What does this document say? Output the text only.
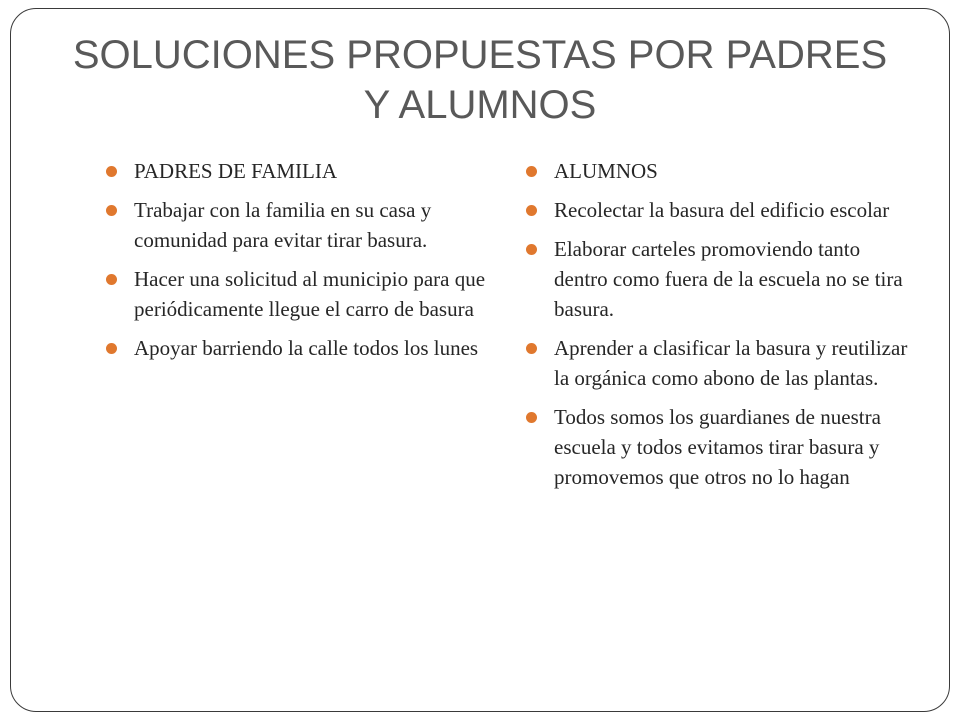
SOLUCIONES PROPUESTAS POR PADRES Y ALUMNOS
PADRES DE FAMILIA
Trabajar con la familia en su casa y comunidad para evitar tirar basura.
Hacer una solicitud al municipio para que periódicamente llegue el carro de basura
Apoyar barriendo la calle todos los lunes
ALUMNOS
Recolectar la basura del edificio escolar
Elaborar carteles promoviendo tanto dentro como fuera de la escuela no se tira basura.
Aprender a clasificar la basura y reutilizar la orgánica como abono de las plantas.
Todos somos los guardianes de nuestra escuela y todos evitamos tirar basura y promovemos que otros no lo hagan
